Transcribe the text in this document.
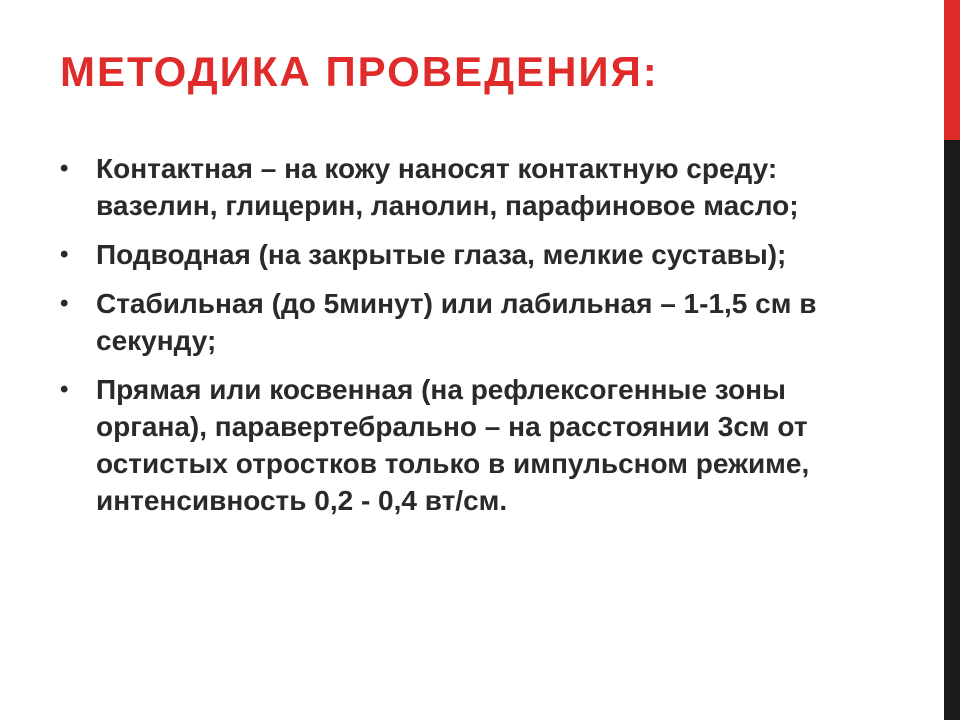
МЕТОДИКА ПРОВЕДЕНИЯ:
• Контактная – на кожу наносят контактную среду: вазелин, глицерин, ланолин, парафиновое масло;
• Подводная (на закрытые глаза, мелкие суставы);
• Стабильная (до 5минут) или лабильная – 1-1,5 см в секунду;
• Прямая или косвенная (на рефлексогенные зоны органа), паравертебрально – на расстоянии 3см от остистых отростков только в импульсном режиме, интенсивность 0,2 - 0,4 вт/см.
